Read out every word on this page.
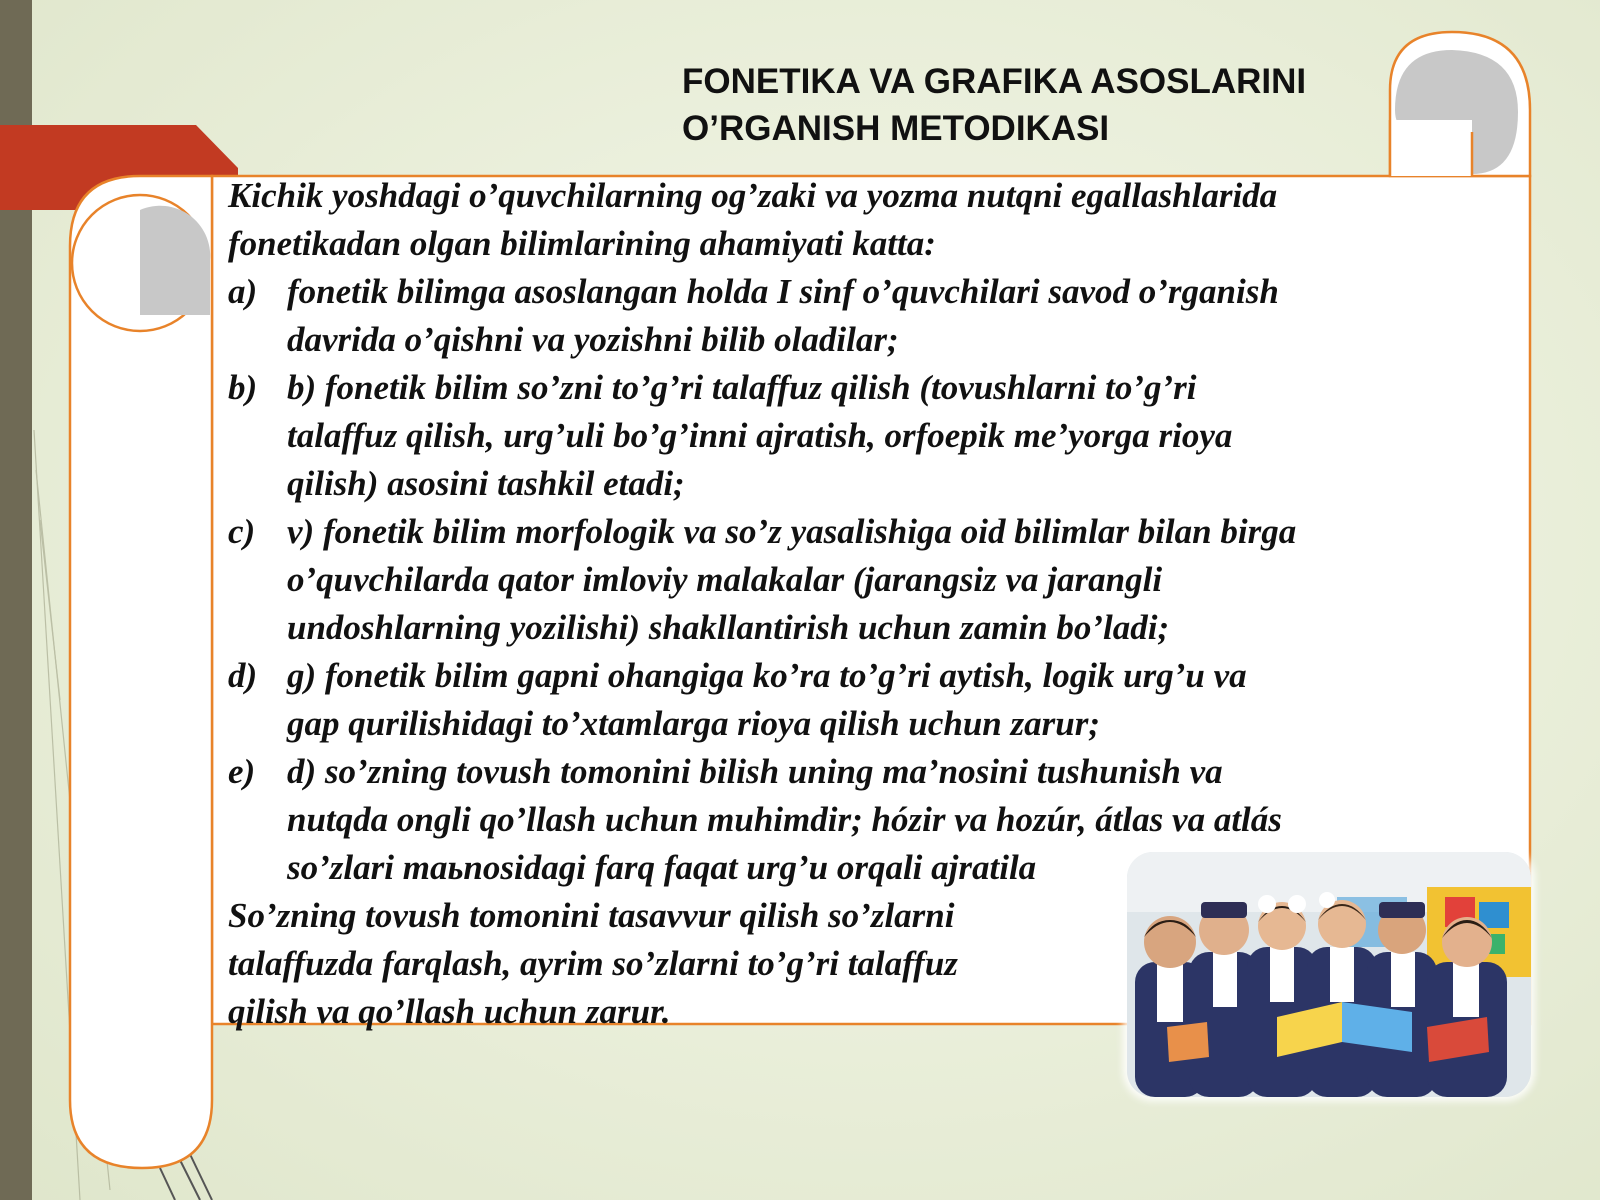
FONETIKA VA GRAFIKA ASOSLARINI
O’RGANISH METODIKASI
Kichik yoshdagi o’quvchilarning og’zaki va yozma nutqni egallashlarida
fonetikadan olgan bilimlarining ahamiyati katta:
a) fonetik bilimga asoslangan holda I sinf o’quvchilari savod o’rganish
davrida o’qishni va yozishni bilib oladilar;
b) b) fonetik bilim so’zni to’g’ri talaffuz qilish (tovushlarni to’g’ri
talaffuz qilish, urg’uli bo’g’inni ajratish, orfoepik me’yorga rioya
qilish) asosini tashkil etadi;
c) v) fonetik bilim morfologik va so’z yasalishiga oid bilimlar bilan birga
o’quvchilarda qator imloviy malakalar (jarangsiz va jarangli
undoshlarning yozilishi) shakllantirish uchun zamin bo’ladi;
d) g) fonetik bilim gapni ohangiga ko’ra to’g’ri aytish, logik urg’u va
gap qurilishidagi to’xtamlarga rioya qilish uchun zarur;
e) d) so’zning tovush tomonini bilish uning ma’nosini tushunish va
nutqda ongli qo’llash uchun muhimdir; hózir va hozúr, átlas va atlás
so’zlari maьnosidagi farq faqat urg’u orqali ajratila
So’zning tovush tomonini tasavvur qilish so’zlarni
talaffuzda farqlash, ayrim so’zlarni to’g’ri talaffuz
qilish va qo’llash uchun zarur.
